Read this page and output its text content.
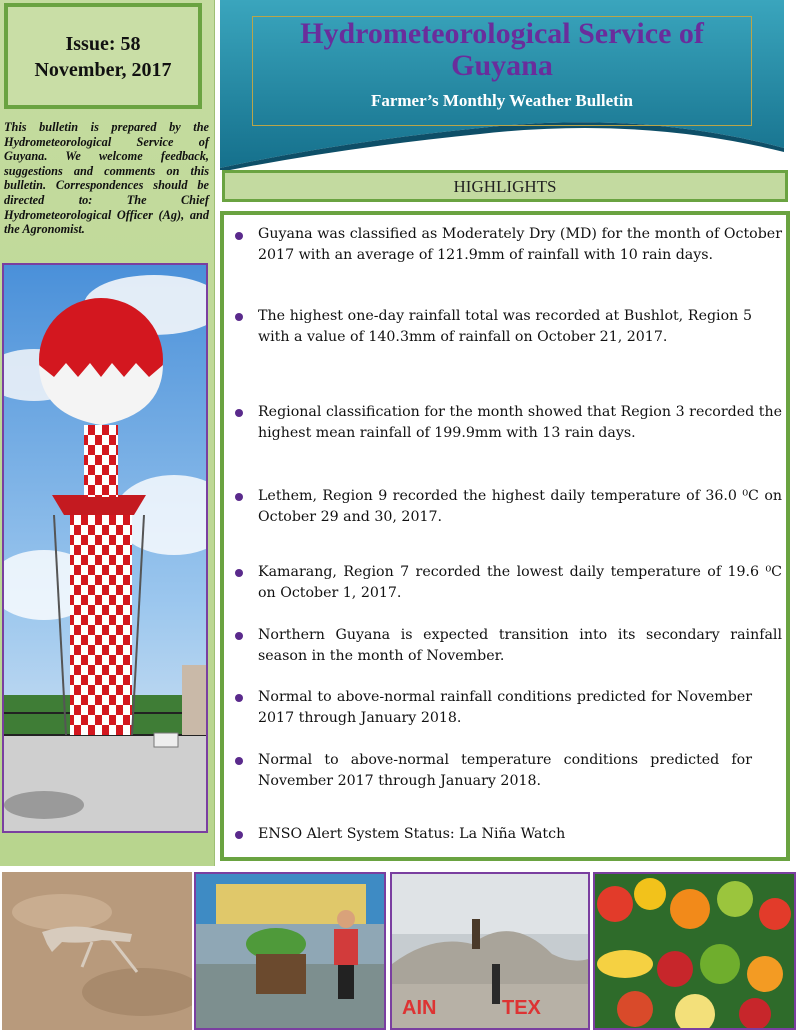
Issue: 58
November, 2017
This bulletin is prepared by the Hydrometeorological Service of Guyana. We welcome feedback, suggestions and comments on this bulletin. Correspondences should be directed to: The Chief Hydrometeorological Officer (Ag), and the Agronomist.
Hydrometeorological Service of Guyana
Farmer’s Monthly Weather Bulletin
HIGHLIGHTS
Guyana was classified as Moderately Dry (MD) for the month of October 2017 with an average of 121.9mm of rainfall with 10 rain days.
The highest one-day rainfall total was recorded at Bushlot, Region 5 with a value of 140.3mm of rainfall on October 21, 2017.
Regional classification for the month showed that Region 3 recorded the highest mean rainfall of 199.9mm with 13 rain days.
Lethem, Region 9 recorded the highest daily temperature of 36.0 ⁰C on October 29 and 30, 2017.
Kamarang, Region 7 recorded the lowest daily temperature of 19.6 ⁰C on October 1, 2017.
Northern Guyana is expected transition into its secondary rainfall season in the month of November.
Normal to above-normal rainfall conditions predicted for November 2017 through January 2018.
Normal to above-normal temperature conditions predicted for November 2017 through January 2018.
ENSO Alert System Status: La Niña Watch
AIN	TEX
